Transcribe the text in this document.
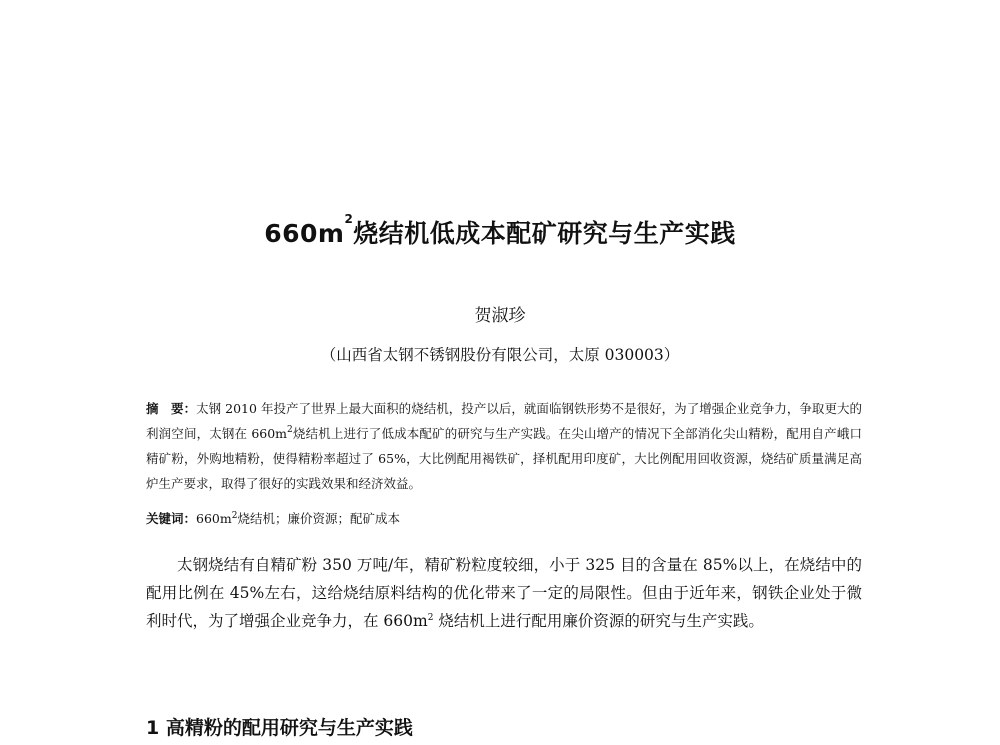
$660m^2$烧结机低成本配矿研究与生产实践
贺淑珍
（山西省太钢不锈钢股份有限公司，太原 030003）
摘　要：太钢 2010 年投产了世界上最大面积的烧结机，投产以后，就面临钢铁形势不是很好，为了增强企业竞争力，争取更大的利润空间，太钢在 $660m^2$烧结机上进行了低成本配矿的研究与生产实践。在尖山增产的情况下全部消化尖山精粉，配用自产峨口精矿粉，外购地精粉，使得精粉率超过了 65%，大比例配用褐铁矿，择机配用印度矿，大比例配用回收资源，烧结矿质量满足高炉生产要求，取得了很好的实践效果和经济效益。
关键词：$660m^2$烧结机；廉价资源；配矿成本
太钢烧结有自精矿粉 350 万吨/年，精矿粉粒度较细，小于 325 目的含量在 85%以上，在烧结中的配用比例在 45%左右，这给烧结原料结构的优化带来了一定的局限性。但由于近年来，钢铁企业处于微利时代，为了增强企业竞争力，在 $660m^2$ 烧结机上进行配用廉价资源的研究与生产实践。
1 高精粉的配用研究与生产实践
